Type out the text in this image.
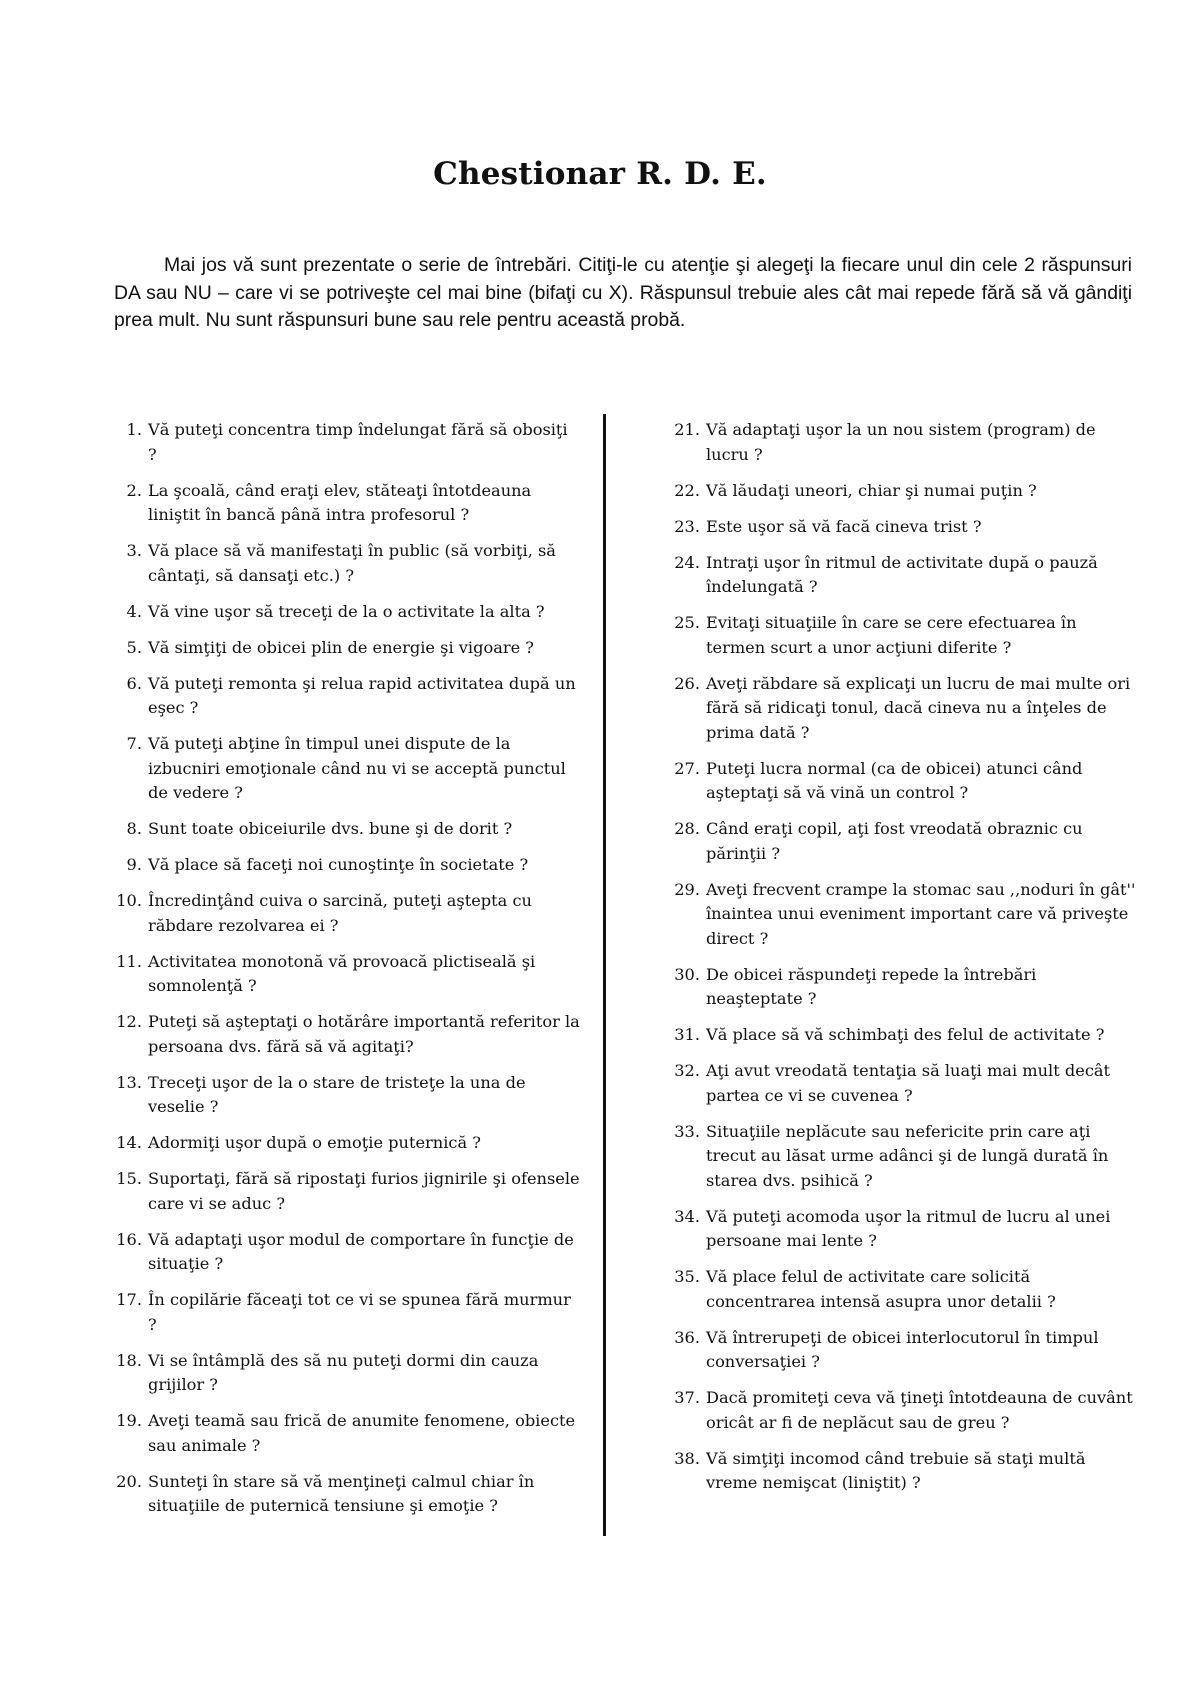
Chestionar R. D. E.

Mai jos vă sunt prezentate o serie de întrebări. Citiţi-le cu atenţie şi alegeţi la fiecare unul din cele 2 răspunsuri DA sau NU – care vi se potriveşte cel mai bine (bifaţi cu X). Răspunsul trebuie ales cât mai repede fără să vă gândiţi prea mult. Nu sunt răspunsuri bune sau rele pentru această probă.

1. Vă puteţi concentra timp îndelungat fără să obosiţi ?
2. La şcoală, când eraţi elev, stăteaţi întotdeauna liniştit în bancă până intra profesorul ?
3. Vă place să vă manifestaţi în public (să vorbiţi, să cântaţi, să dansaţi etc.) ?
4. Vă vine uşor să treceţi de la o activitate la alta ?
5. Vă simţiţi de obicei plin de energie şi vigoare ?
6. Vă puteţi remonta şi relua rapid activitatea după un eşec ?
7. Vă puteţi abţine în timpul unei dispute de la izbucniri emoţionale când nu vi se acceptă punctul de vedere ?
8. Sunt toate obiceiurile dvs. bune şi de dorit ?
9. Vă place să faceţi noi cunoştinţe în societate ?
10. Încredinţând cuiva o sarcină, puteţi aştepta cu răbdare rezolvarea ei ?
11. Activitatea monotonă vă provoacă plictiseală şi somnolenţă ?
12. Puteţi să aşteptaţi o hotărâre importantă referitor la persoana dvs. fără să vă agitaţi?
13. Treceţi uşor de la o stare de tristeţe la una de veselie ?
14. Adormiţi uşor după o emoţie puternică ?
15. Suportaţi, fără să ripostaţi furios jignirile şi ofensele care vi se aduc ?
16. Vă adaptaţi uşor modul de comportare în funcţie de situaţie ?
17. În copilărie făceaţi tot ce vi se spunea fără murmur ?
18. Vi se întâmplă des să nu puteţi dormi din cauza grijilor ?
19. Aveţi teamă sau frică de anumite fenomene, obiecte sau animale ?
20. Sunteţi în stare să vă menţineţi calmul chiar în situaţiile de puternică tensiune şi emoţie ?
21. Vă adaptaţi uşor la un nou sistem (program) de lucru ?
22. Vă lăudaţi uneori, chiar şi numai puţin ?
23. Este uşor să vă facă cineva trist ?
24. Intraţi uşor în ritmul de activitate după o pauză îndelungată ?
25. Evitaţi situaţiile în care se cere efectuarea în termen scurt a unor acţiuni diferite ?
26. Aveţi răbdare să explicaţi un lucru de mai multe ori fără să ridicaţi tonul, dacă cineva nu a înţeles de prima dată ?
27. Puteţi lucra normal (ca de obicei) atunci când aşteptaţi să vă vină un control ?
28. Când eraţi copil, aţi fost vreodată obraznic cu părinţii ?
29. Aveţi frecvent crampe la stomac sau ,,noduri în gât'' înaintea unui eveniment important care vă priveşte direct ?
30. De obicei răspundeţi repede la întrebări neaşteptate ?
31. Vă place să vă schimbaţi des felul de activitate ?
32. Aţi avut vreodată tentaţia să luaţi mai mult decât partea ce vi se cuvenea ?
33. Situaţiile neplăcute sau nefericite prin care aţi trecut au lăsat urme adânci şi de lungă durată în starea dvs. psihică ?
34. Vă puteţi acomoda uşor la ritmul de lucru al unei persoane mai lente ?
35. Vă place felul de activitate care solicită concentrarea intensă asupra unor detalii ?
36. Vă întrerupeţi de obicei interlocutorul în timpul conversaţiei ?
37. Dacă promiteţi ceva vă ţineţi întotdeauna de cuvânt oricât ar fi de neplăcut sau de greu ?
38. Vă simţiţi incomod când trebuie să staţi multă vreme nemişcat (liniştit) ?
